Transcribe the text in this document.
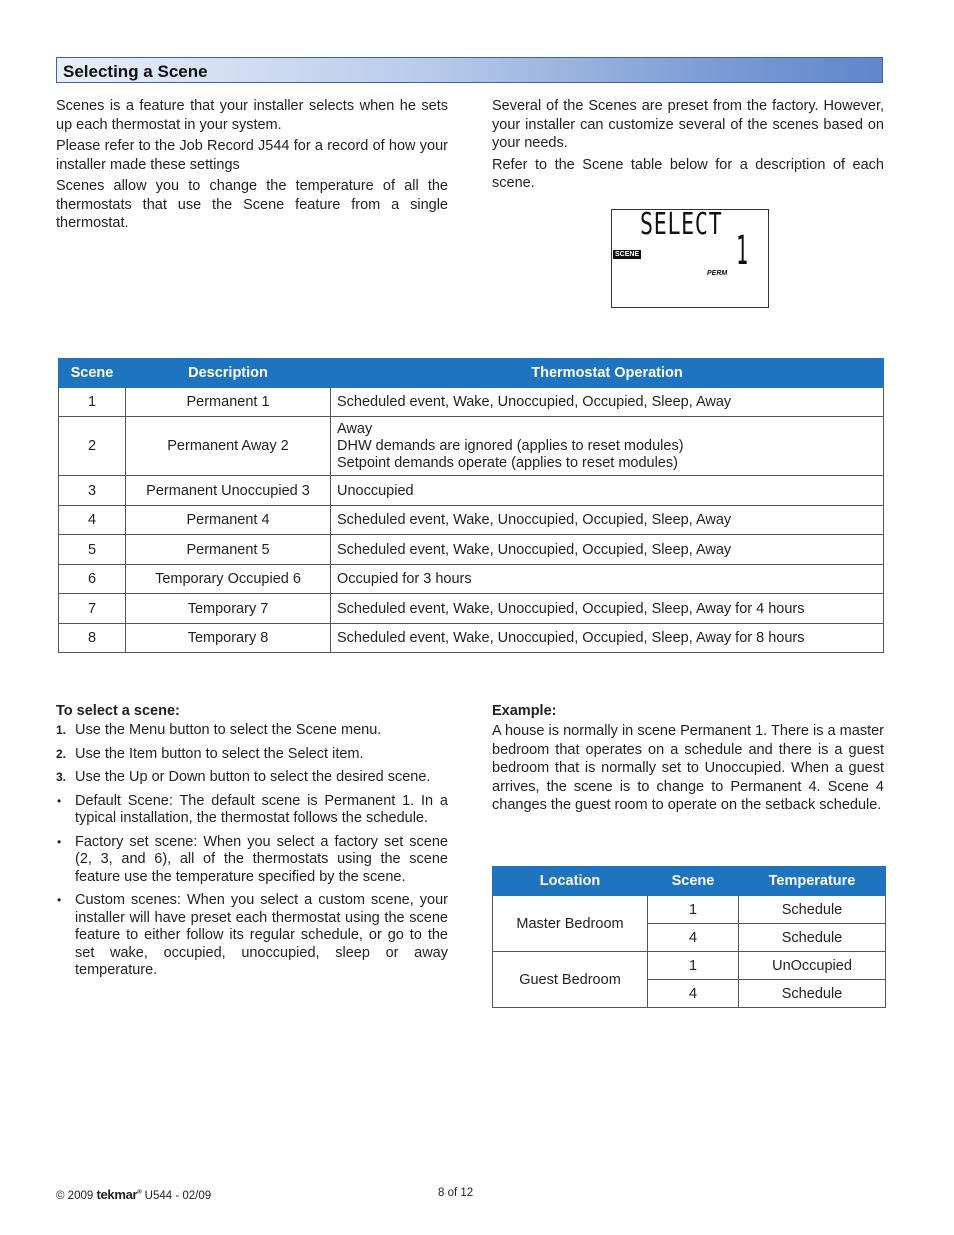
Selecting a Scene

Scenes is a feature that your installer selects when he sets up each thermostat in your system.

Please refer to the Job Record J544 for a record of how your installer made these settings

Scenes allow you to change the temperature of all the thermostats that use the Scene feature from a single thermostat.

Several of the Scenes are preset from the factory. However, your installer can customize several of the scenes based on your needs.

Refer to the Scene table below for a description of each scene.

SELECT
1
SCENE
PERM
Scene	Description	Thermostat Operation
1	Permanent 1	Scheduled event, Wake, Unoccupied, Occupied, Sleep, Away
2	Permanent Away 2	Away
DHW demands are ignored (applies to reset modules)
Setpoint demands operate (applies to reset modules)

3	Permanent Unoccupied 3	Unoccupied
4	Permanent 4	Scheduled event, Wake, Unoccupied, Occupied, Sleep, Away
5	Permanent 5	Scheduled event, Wake, Unoccupied, Occupied, Sleep, Away
6	Temporary Occupied 6	Occupied for 3 hours
7	Temporary 7	Scheduled event, Wake, Unoccupied, Occupied, Sleep, Away for 4 hours
8	Temporary 8	Scheduled event, Wake, Unoccupied, Occupied, Sleep, Away for 8 hours
To select a scene:
1. Use the Menu button to select the Scene menu.
2. Use the Item button to select the Select item.
3. Use the Up or Down button to select the desired scene.
• Default Scene: The default scene is Permanent 1. In a typical installation, the thermostat follows the schedule.
• Factory set scene: When you select a factory set scene (2, 3, and 6), all of the thermostats using the scene feature use the temperature specified by the scene.
• Custom scenes: When you select a custom scene, your installer will have preset each thermostat using the scene feature to either follow its regular schedule, or go to the set wake, occupied, unoccupied, sleep or away temperature.
Example:

A house is normally in scene Permanent 1. There is a master bedroom that operates on a schedule and there is a guest bedroom that is normally set to Unoccupied. When a guest arrives, the scene is to change to Permanent 4. Scene 4 changes the guest room to operate on the setback schedule.

Location	Scene	Temperature
Master Bedroom	1	Schedule
	4	Schedule
Guest Bedroom	1	UnOccupied
	4	Schedule
© 2009 tekmar® U544 - 02/09	8 of 12
